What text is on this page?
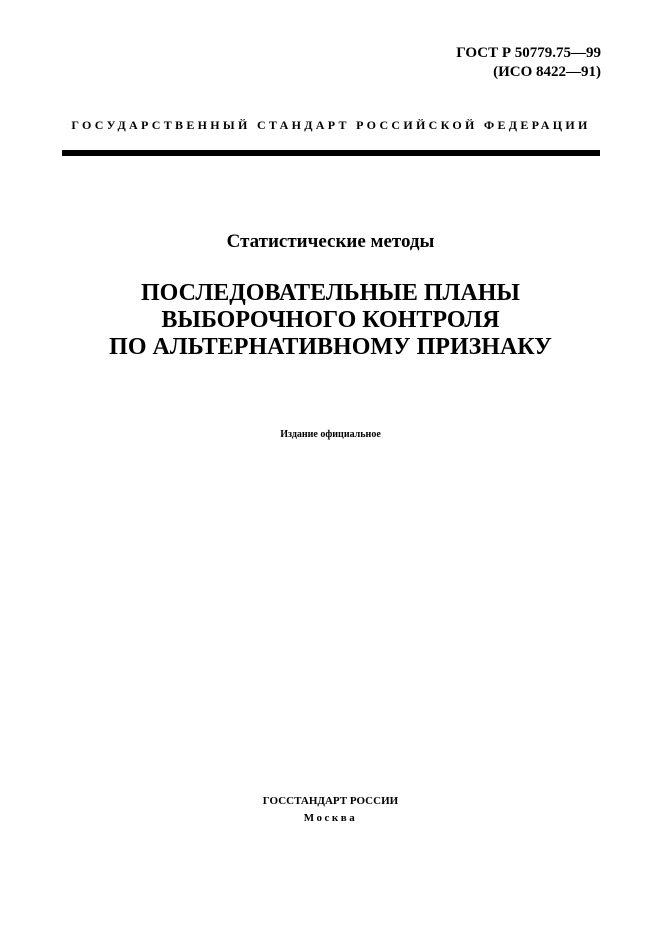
ГОСТ Р 50779.75—99
(ИСО 8422—91)
ГОСУДАРСТВЕННЫЙ СТАНДАРТ РОССИЙСКОЙ ФЕДЕРАЦИИ
Статистические методы
ПОСЛЕДОВАТЕЛЬНЫЕ ПЛАНЫ
ВЫБОРОЧНОГО КОНТРОЛЯ
ПО АЛЬТЕРНАТИВНОМУ ПРИЗНАКУ
Издание официальное
ГОССТАНДАРТ РОССИИ
Москва
